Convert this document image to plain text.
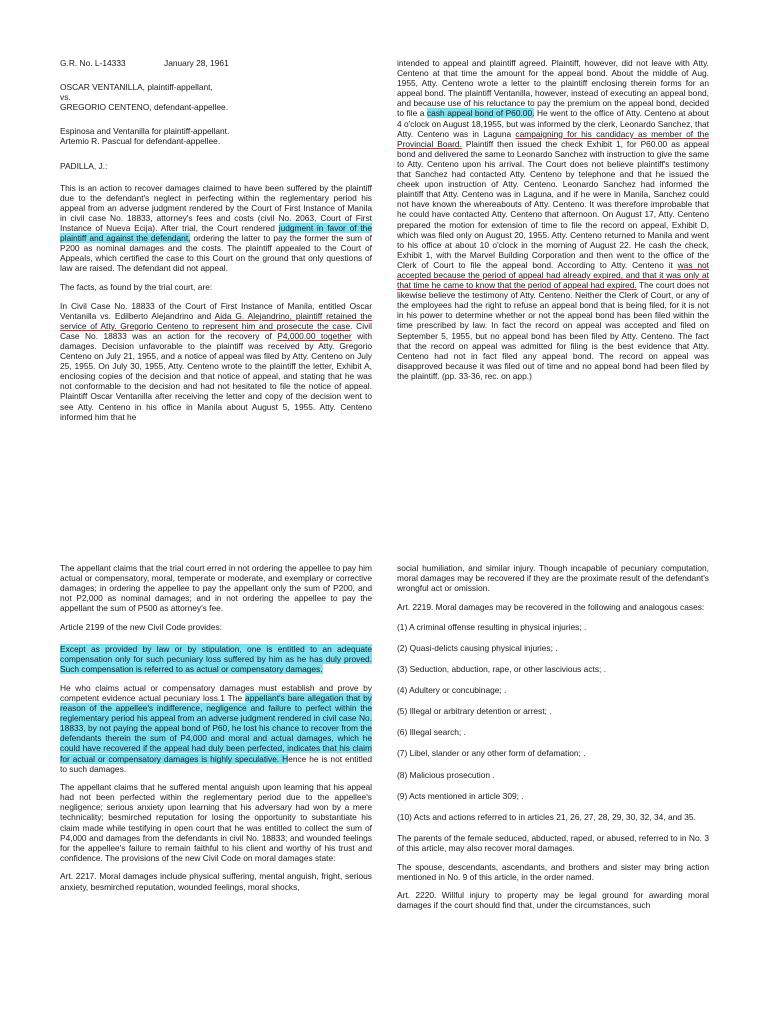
G.R. No. L-14333	January 28, 1961

OSCAR VENTANILLA, plaintiff-appellant,

vs.

GREGORIO CENTENO, defendant-appellee.

Espinosa and Ventanilla for plaintiff-appellant.

Artemio R. Pascual for defendant-appellee.

PADILLA, J.:

This is an action to recover damages claimed to have been suffered by the plaintiff due to the defendant's neglect in perfecting within the reglementary period his appeal from an adverse judgment rendered by the Court of First Instance of Manila in civil case No. 18833, attorney's fees and costs (civil No. 2063, Court of First Instance of Nueva Ecija). After trial, the Court rendered judgment in favor of the plaintiff and against the defendant, ordering the latter to pay the former the sum of P200 as nominal damages and the costs. The plaintiff appealed to the Court of Appeals, which certified the case to this Court on the ground that only questions of law are raised. The defendant did not appeal.

The facts, as found by the trial court, are:

In Civil Case No. 18833 of the Court of First Instance of Manila, entitled Oscar Ventanilla vs. Edilberto Alejandrino and Aida G. Alejandrino, plaintiff retained the service of Atty. Gregorio Centeno to represent him and prosecute the case. Civil Case No. 18833 was an action for the recovery of P4,000.00 together with damages. Decision unfavorable to the plaintiff was received by Atty. Gregorio Centeno on July 21, 1955, and a notice of appeal was filed by Atty. Centeno on July 25, 1955. On July 30, 1955, Atty. Centeno wrote to the plaintiff the letter, Exhibit A, enclosing copies of the decision and that notice of appeal, and stating that he was not conformable to the decision and had not hesitated to file the notice of appeal. Plaintiff Oscar Ventanilla after receiving the letter and copy of the decision went to see Atty. Centeno in his office in Manila about August 5, 1955. Atty. Centeno informed him that he

intended to appeal and plaintiff agreed. Plaintiff, however, did not leave with Atty. Centeno at that time the amount for the appeal bond. About the middle of Aug. 1955, Atty. Centeno wrote a letter to the plaintiff enclosing therein forms for an appeal bond. The plaintiff Ventanilla, however, instead of executing an appeal bond, and because use of his reluctance to pay the premium on the appeal bond, decided to file a cash appeal bond of P60.00. He went to the office of Atty. Centeno at about 4 o'clock on August 18,1955, but was informed by the clerk, Leonardo Sanchez, that Atty. Centeno was in Laguna campaigning for his candidacy as member of the Provincial Board. Plaintiff then issued the check Exhibit 1, for P60.00 as appeal bond and delivered the same to Leonardo Sanchez with instruction to give the same to Atty. Centeno upon his arrival. The Court does not believe plaintiff's testimony that Sanchez had contacted Atty. Centeno by telephone and that he issued the cheek upon instruction of Atty. Centeno. Leonardo Sanchez had informed the plaintiff that Atty. Centeno was in Laguna, and if he were in Manila, Sanchez could not have known the whereabouts of Atty. Centeno. It was therefore improbable that he could have contacted Atty. Centeno that afternoon. On August 17, Atty. Centeno prepared the motion for extension of time to file the record on appeal, Exhibit D, which was filed only on August 20, 1955. Atty. Centeno returned to Manila and went to his office at about 10 o'clock in the morning of August 22. He cash the check, Exhibit 1, with the Marvel Building Corporation and then went to the office of the Clerk of Court to file the appeal bond. According to Atty. Centeno it was not accepted because the period of appeal had already expired, and that it was only at that time he came to know that the period of appeal had expired. The court does not likewise believe the testimony of Atty. Centeno. Neither the Clerk of Court, or any of the employees had the right to refuse an appeal bond that is being filed, for it is not in his power to determine whether or not the appeal bond has been filed within the time prescribed by law. In fact the record on appeal was accepted and filed on September 5, 1955, but no appeal bond has been filed by Atty. Centeno. The fact that the record on appeal was admitted for filing is the best evidence that Atty. Centeno had not in fact filed any appeal bond. The record on appeal was disapproved because it was filed out of time and no appeal bond had been filed by the plaintiff. (pp. 33-36, rec. on app.)

The appellant claims that the trial court erred in not ordering the appellee to pay him actual or compensatory, moral, temperate or moderate, and exemplary or corrective damages; in ordering the appellee to pay the appellant only the sum of P200, and not P2,000 as nominal damages; and in not ordering the appellee to pay the appellant the sum of P500 as attorney's fee.

Article 2199 of the new Civil Code provides:

Except as provided by law or by stipulation, one is entitled to an adequate compensation only for such pecuniary loss suffered by him as he has duly proved. Such compensation is referred to as actual or compensatory damages.

He who claims actual or compensatory damages must establish and prove by competent evidence actual pecuniary loss.1 The appellant's bare allegation that by reason of the appellee's indifference, negligence and failure to perfect within the reglementary period his appeal from an adverse judgment rendered in civil case No. 18833, by not paying the appeal bond of P60, he lost his chance to recover from the defendants therein the sum of P4,000 and moral and actual damages, which he could have recovered if the appeal had duly been perfected, indicates that his claim for actual or compensatory damages is highly speculative. Hence he is not entitled to such damages.

The appellant claims that he suffered mental anguish upon learning that his appeal had not been perfected within the reglementary period due to the appellee's negligence; serious anxiety upon learning that his adversary had won by a mere technicality; besmirched reputation for losing the opportunity to substantiate his claim made while testifying in open court that he was entitled to collect the sum of P4,000 and damages from the defendants in civil No. 18833; and wounded feelings for the appellee's failure to remain faithful to his client and worthy of his trust and confidence. The provisions of the new Civil Code on moral damages state:

Art. 2217. Moral damages include physical suffering, mental anguish, fright, serious anxiety, besmirched reputation, wounded feelings, moral shocks,

social humiliation, and similar injury. Though incapable of pecuniary computation, moral damages may be recovered if they are the proximate result of the defendant's wrongful act or omission.

Art. 2219. Moral damages may be recovered in the following and analogous cases:

(1) A criminal offense resulting in physical injuries; .

(2) Quasi-delicts causing physical injuries; .

(3) Seduction, abduction, rape, or other lascivious acts; .

(4) Adultery or concubinage; .

(5) Illegal or arbitrary detention or arrest; .

(6) Illegal search; .

(7) Libel, slander or any other form of defamation; .

(8) Malicious prosecution .

(9) Acts mentioned in article 309; .

(10) Acts and actions referred to in articles 21, 26, 27, 28, 29, 30, 32, 34, and 35.

The parents of the female seduced, abducted, raped, or abused, referred to in No. 3 of this article, may also recover moral damages.

The spouse, descendants, ascendants, and brothers and sister may bring action mentioned in No. 9 of this article, in the order named.

Art. 2220. Willful injury to property may be legal ground for awarding moral damages if the court should find that, under the circumstances, such
